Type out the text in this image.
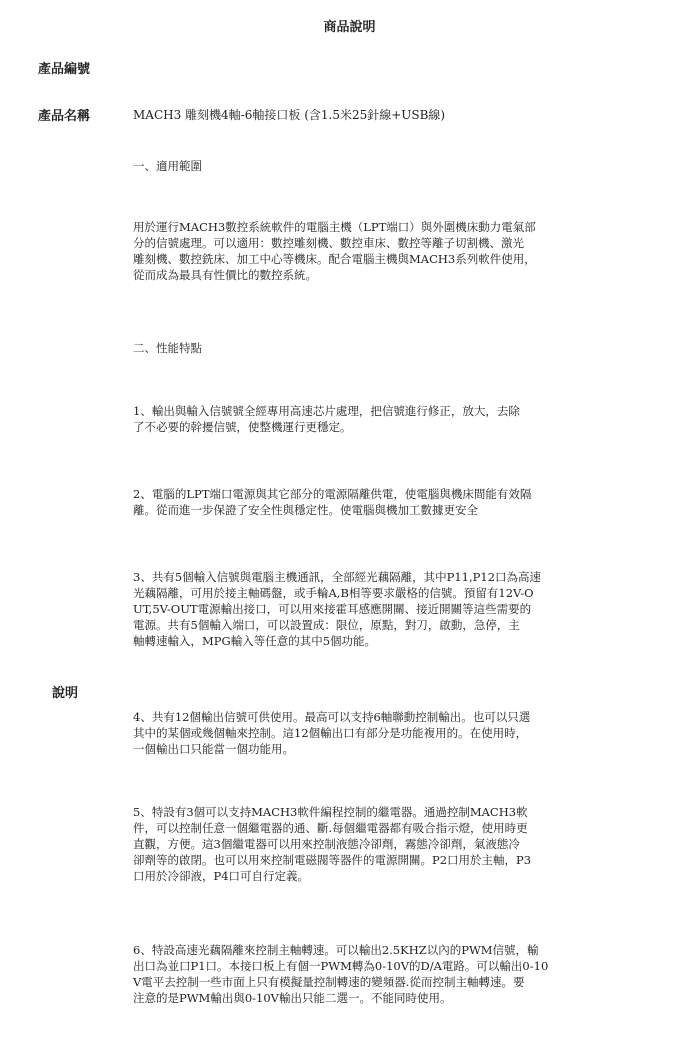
商品說明
產品編號
產品名稱	MACH3 雕刻機4軸-6軸接口板 (含1.5米25針線+USB線)
一、適用範圍
用於運行MACH3數控系統軟件的電腦主機（LPT端口）與外圍機床動力電氣部
分的信號處理。可以適用：數控雕刻機、數控車床、數控等離子切割機、激光
雕刻機、數控銑床、加工中心等機床。配合電腦主機與MACH3系列軟件使用，
從而成為最具有性價比的數控系統。
二、性能特點
1、輸出與輸入信號號全經專用高速芯片處理，把信號進行修正，放大，去除
了不必要的幹擾信號，使整機運行更穩定。
2、電腦的LPT端口電源與其它部分的電源隔離供電，使電腦與機床間能有效隔
離。從而進一步保證了安全性與穩定性。使電腦與機加工數據更安全
3、共有5個輸入信號與電腦主機通訊，全部經光藕隔離，其中P11,P12口為高速
光藕隔離，可用於接主軸碼盤，或手輪A,B相等要求嚴格的信號。預留有12V-O
UT,5V-OUT電源輸出接口，可以用來接霍耳感應開關、接近開關等這些需要的
電源。共有5個輸入端口，可以設置成：限位，原點，對刀，啟動，急停，主
軸轉速輸入，MPG輸入等任意的其中5個功能。
說明
4、共有12個輸出信號可供使用。最高可以支持6軸聯動控制輸出。也可以只選
其中的某個或幾個軸來控制。這12個輸出口有部分是功能複用的。在使用時，
一個輸出口只能當一個功能用。
5、特設有3個可以支持MACH3軟件編程控制的繼電器。通過控制MACH3軟
件，可以控制任意一個繼電器的通、斷.每個繼電器都有吸合指示燈，使用時更
直觀，方便。這3個繼電器可以用來控制液態冷卻劑，霧態冷卻劑，氣液態冷
卻劑等的啟閉。也可以用來控制電磁閥等器件的電源開關。P2口用於主軸，P3
口用於冷卻液，P4口可自行定義。
6、特設高速光藕隔離來控制主軸轉速。可以輸出2.5KHZ以內的PWM信號，輸
出口為並口P1口。本接口板上有個一PWM轉為0-10V的D/A電路。可以輸出0-10
V電平去控制一些市面上只有模擬量控制轉速的變頻器.從而控制主軸轉速。要
注意的是PWM輸出與0-10V輸出只能二選一。不能同時使用。
